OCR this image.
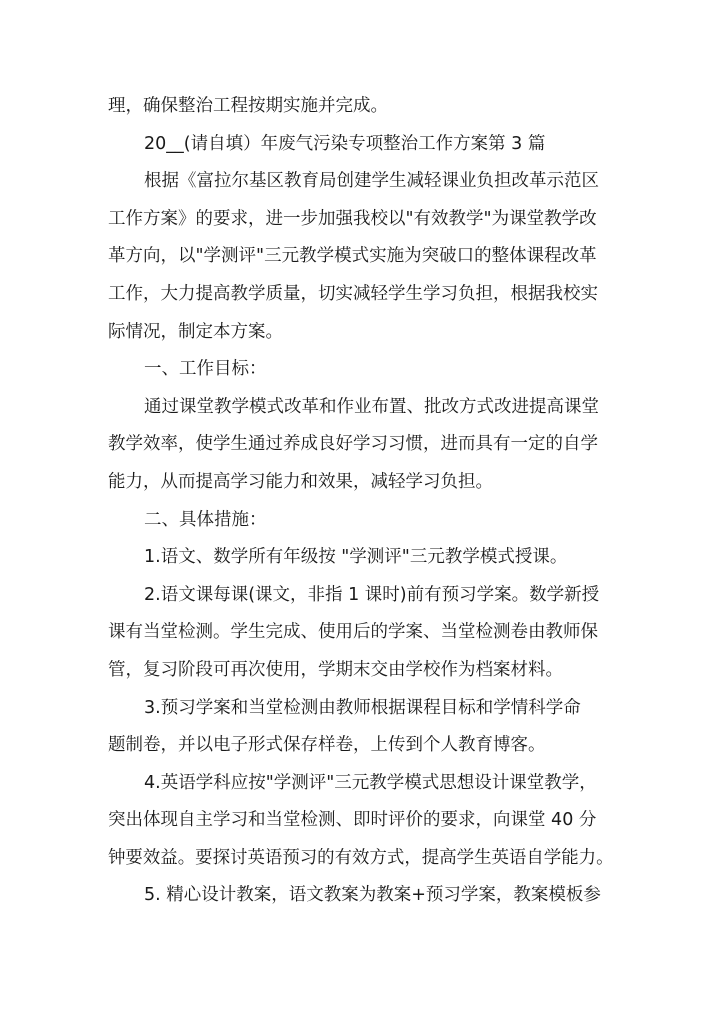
理，确保整治工程按期实施并完成。
20__(请自填）年废气污染专项整治工作方案第 3 篇
根据《富拉尔基区教育局创建学生减轻课业负担改革示范区
工作方案》的要求，进一步加强我校以"有效教学"为课堂教学改
革方向，以"学测评"三元教学模式实施为突破口的整体课程改革
工作，大力提高教学质量，切实减轻学生学习负担，根据我校实
际情况，制定本方案。
一、工作目标：
通过课堂教学模式改革和作业布置、批改方式改进提高课堂
教学效率，使学生通过养成良好学习习惯，进而具有一定的自学
能力，从而提高学习能力和效果，减轻学习负担。
二、具体措施：
1.语文、数学所有年级按 "学测评"三元教学模式授课。
2.语文课每课(课文，非指 1 课时)前有预习学案。数学新授
课有当堂检测。学生完成、使用后的学案、当堂检测卷由教师保
管，复习阶段可再次使用，学期末交由学校作为档案材料。
3.预习学案和当堂检测由教师根据课程目标和学情科学命
题制卷，并以电子形式保存样卷，上传到个人教育博客。
4.英语学科应按"学测评"三元教学模式思想设计课堂教学，
突出体现自主学习和当堂检测、即时评价的要求，向课堂 40 分
钟要效益。要探讨英语预习的有效方式，提高学生英语自学能力。
5. 精心设计教案，语文教案为教案+预习学案，教案模板参
